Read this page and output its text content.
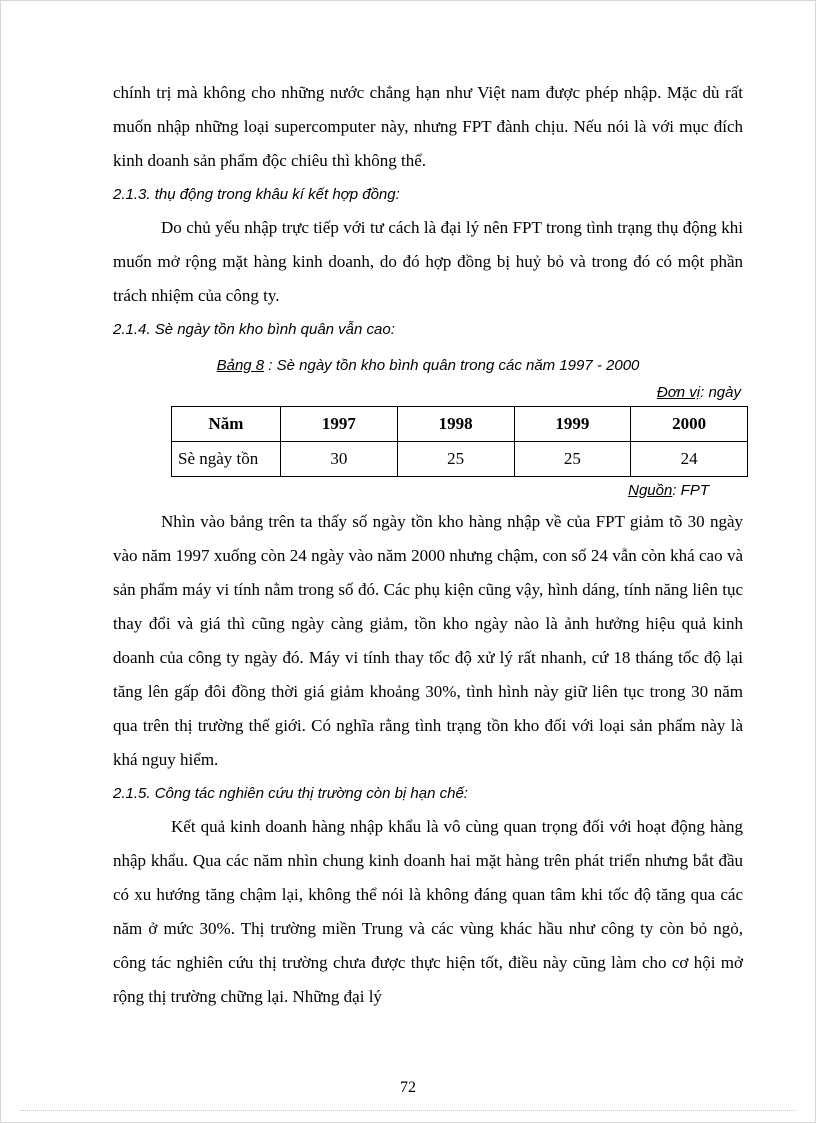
chính trị mà không cho những nước chẳng hạn như Việt nam được phép nhập. Mặc dù rất muốn nhập những loại supercomputer này, nhưng FPT đành chịu. Nếu nói là với mục đích kinh doanh sản phẩm độc chiêu thì không thể.

2.1.3. thụ động trong khâu kí kết hợp đồng:

Do chủ yếu nhập trực tiếp với tư cách là đại lý nên FPT trong tình trạng thụ động khi muốn mở rộng mặt hàng kinh doanh, do đó hợp đồng bị huỷ bỏ và trong đó có một phần trách nhiệm của công ty.

2.1.4. Sè ngày tồn kho bình quân vẫn cao:

Bảng 8 : Sè ngày tồn kho bình quân trong các năm 1997 - 2000
Đơn vị: ngày
Năm	1997	1998	1999	2000
Sè ngày tồn	30	25	25	24
Nguồn: FPT

Nhìn vào bảng trên ta thấy số ngày tồn kho hàng nhập về của FPT giảm tõ 30 ngày vào năm 1997 xuống còn 24 ngày vào năm 2000 nhưng chậm, con số 24 vẫn còn khá cao và sản phẩm máy vi tính nằm trong số đó. Các phụ kiện cũng vậy, hình dáng, tính năng liên tục thay đổi và giá thì cũng ngày càng giảm, tồn kho ngày nào là ảnh hưởng hiệu quả kinh doanh của công ty ngày đó. Máy vi tính thay tốc độ xử lý rất nhanh, cứ 18 tháng tốc độ lại tăng lên gấp đôi đồng thời giá giảm khoảng 30%, tình hình này giữ liên tục trong 30 năm qua trên thị trường thế giới. Có nghĩa rằng tình trạng tồn kho đối với loại sản phẩm này là khá nguy hiểm.

2.1.5. Công tác nghiên cứu thị trường còn bị hạn chế:

Kết quả kinh doanh hàng nhập khẩu là vô cùng quan trọng đối với hoạt động hàng nhập khẩu. Qua các năm nhìn chung kinh doanh hai mặt hàng trên phát triển nhưng bắt đầu có xu hướng tăng chậm lại, không thể nói là không đáng quan tâm khi tốc độ tăng qua các năm ở mức 30%. Thị trường miền Trung và các vùng khác hầu như công ty còn bỏ ngỏ, công tác nghiên cứu thị trường chưa được thực hiện tốt, điều này cũng làm cho cơ hội mở rộng thị trường chững lại. Những đại lý

72
